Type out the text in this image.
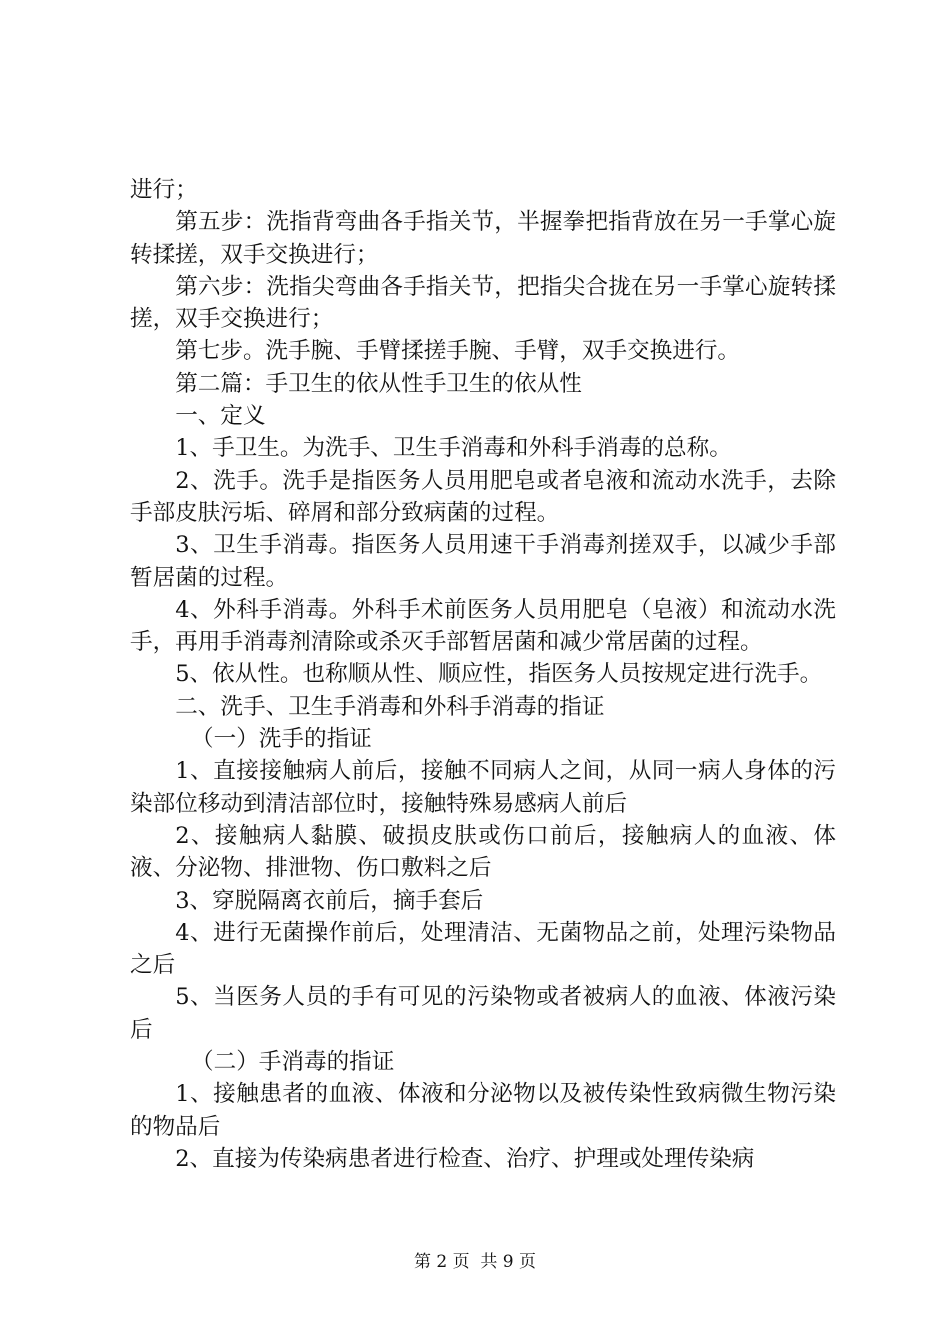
进行；

第五步：洗指背弯曲各手指关节，半握拳把指背放在另一手掌心旋转揉搓，双手交换进行；

第六步：洗指尖弯曲各手指关节，把指尖合拢在另一手掌心旋转揉搓，双手交换进行；

第七步。洗手腕、手臂揉搓手腕、手臂，双手交换进行。

第二篇：手卫生的依从性手卫生的依从性

一、定义

1、手卫生。为洗手、卫生手消毒和外科手消毒的总称。

2、洗手。洗手是指医务人员用肥皂或者皂液和流动水洗手，去除手部皮肤污垢、碎屑和部分致病菌的过程。

3、卫生手消毒。指医务人员用速干手消毒剂搓双手，以减少手部暂居菌的过程。

4、外科手消毒。外科手术前医务人员用肥皂（皂液）和流动水洗手，再用手消毒剂清除或杀灭手部暂居菌和减少常居菌的过程。

5、依从性。也称顺从性、顺应性，指医务人员按规定进行洗手。

二、洗手、卫生手消毒和外科手消毒的指证

（一）洗手的指证

1、直接接触病人前后，接触不同病人之间，从同一病人身体的污染部位移动到清洁部位时，接触特殊易感病人前后

2、接触病人黏膜、破损皮肤或伤口前后，接触病人的血液、体液、分泌物、排泄物、伤口敷料之后

3、穿脱隔离衣前后，摘手套后

4、进行无菌操作前后，处理清洁、无菌物品之前，处理污染物品之后

5、当医务人员的手有可见的污染物或者被病人的血液、体液污染后

（二）手消毒的指证

1、接触患者的血液、体液和分泌物以及被传染性致病微生物污染的物品后

2、直接为传染病患者进行检查、治疗、护理或处理传染病

第 2 页  共 9 页
